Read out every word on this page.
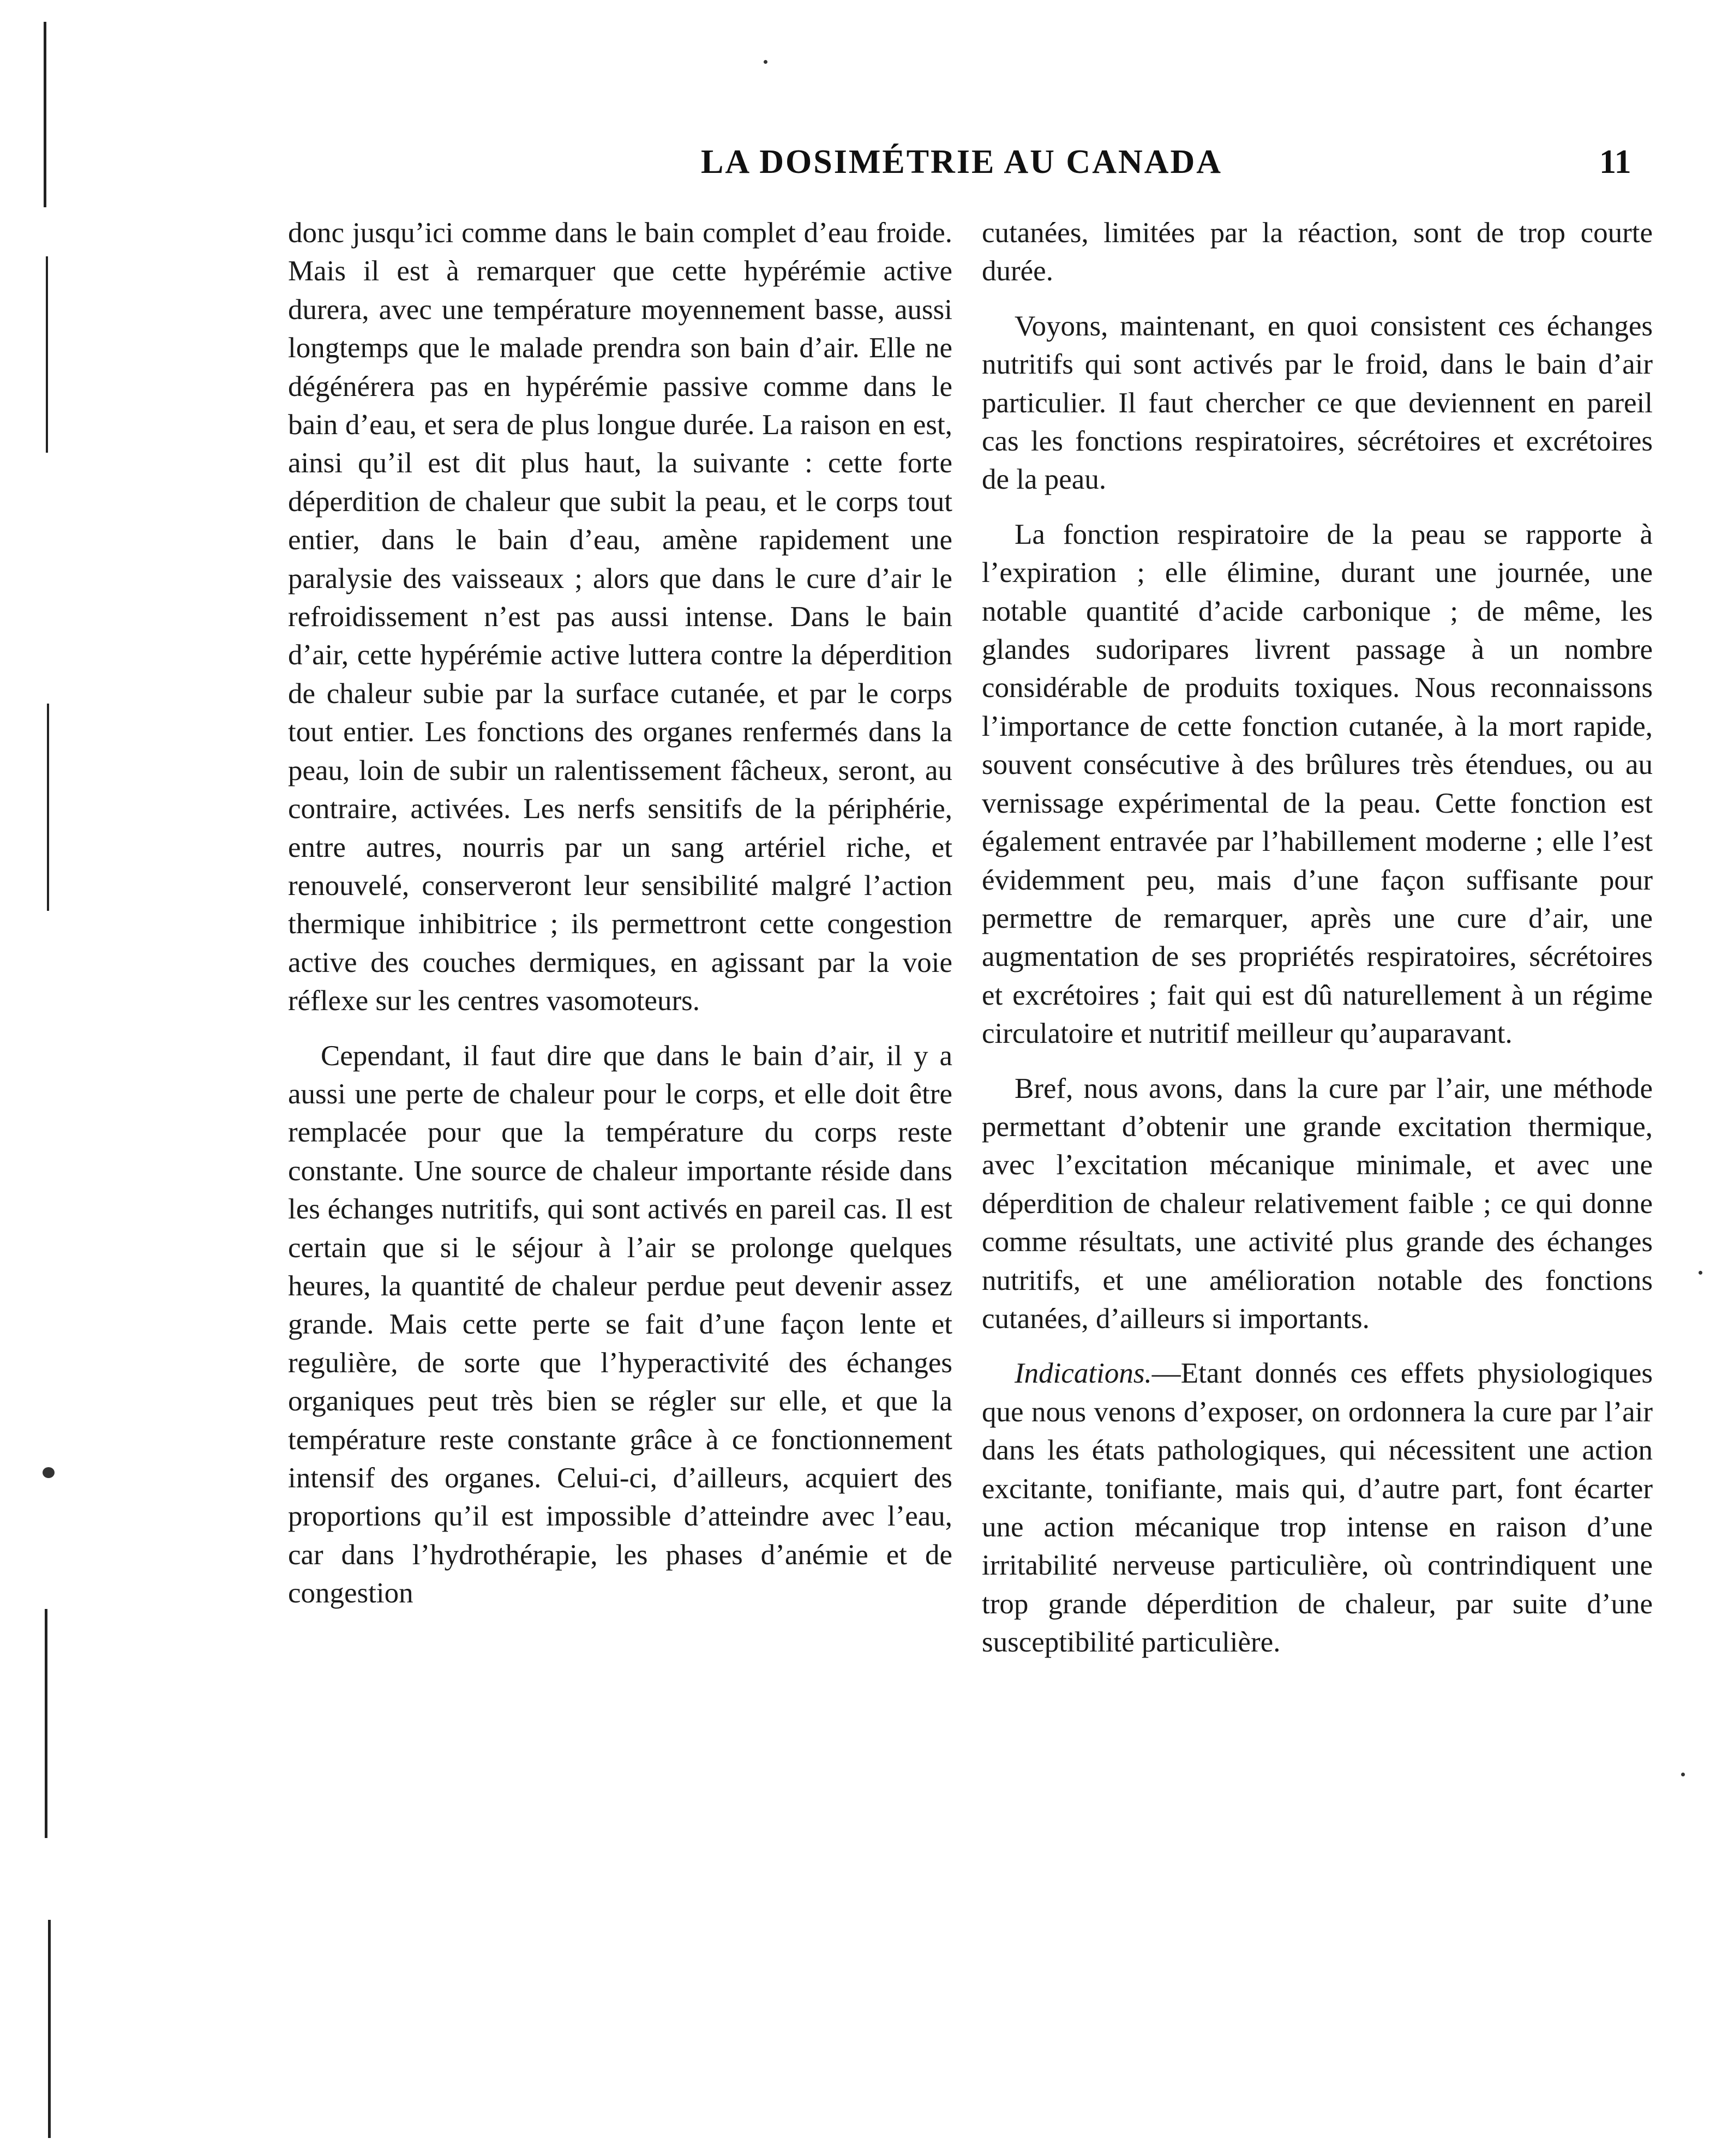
LA DOSIMÉTRIE AU CANADA	11

donc jusqu’ici comme dans le bain complet d’eau froide. Mais il est à remarquer que cette hypérémie active durera, avec une température moyennement basse, aussi longtemps que le malade prendra son bain d’air. Elle ne dégénérera pas en hypérémie passive comme dans le bain d’eau, et sera de plus longue durée. La raison en est, ainsi qu’il est dit plus haut, la suivante : cette forte déperdition de chaleur que subit la peau, et le corps tout entier, dans le bain d’eau, amène rapidement une paralysie des vaisseaux ; alors que dans le cure d’air le refroidissement n’est pas aussi intense. Dans le bain d’air, cette hypérémie active luttera contre la déperdition de chaleur subie par la surface cutanée, et par le corps tout entier. Les fonctions des organes renfermés dans la peau, loin de subir un ralentissement fâcheux, seront, au contraire, activées. Les nerfs sensitifs de la périphérie, entre autres, nourris par un sang artériel riche, et renouvelé, conserveront leur sensibilité malgré l’action thermique inhibitrice ; ils permettront cette congestion active des couches dermiques, en agissant par la voie réflexe sur les centres vasomoteurs.

Cependant, il faut dire que dans le bain d’air, il y a aussi une perte de chaleur pour le corps, et elle doit être remplacée pour que la température du corps reste constante. Une source de chaleur importante réside dans les échanges nutritifs, qui sont activés en pareil cas. Il est certain que si le séjour à l’air se prolonge quelques heures, la quantité de chaleur perdue peut devenir assez grande. Mais cette perte se fait d’une façon lente et regulière, de sorte que l’hyperactivité des échanges organiques peut très bien se régler sur elle, et que la température reste constante grâce à ce fonctionnement intensif des organes. Celui-ci, d’ailleurs, acquiert des proportions qu’il est impossible d’atteindre avec l’eau, car dans l’hydrothérapie, les phases d’anémie et de congestion

cutanées, limitées par la réaction, sont de trop courte durée.

Voyons, maintenant, en quoi consistent ces échanges nutritifs qui sont activés par le froid, dans le bain d’air particulier. Il faut chercher ce que deviennent en pareil cas les fonctions respiratoires, sécrétoires et excrétoires de la peau.

La fonction respiratoire de la peau se rapporte à l’expiration ; elle élimine, durant une journée, une notable quantité d’acide carbonique ; de même, les glandes sudoripares livrent passage à un nombre considérable de produits toxiques. Nous reconnaissons l’importance de cette fonction cutanée, à la mort rapide, souvent consécutive à des brûlures très étendues, ou au vernissage expérimental de la peau. Cette fonction est également entravée par l’habillement moderne ; elle l’est évidemment peu, mais d’une façon suffisante pour permettre de remarquer, après une cure d’air, une augmentation de ses propriétés respiratoires, sécrétoires et excrétoires ; fait qui est dû naturellement à un régime circulatoire et nutritif meilleur qu’auparavant.

Bref, nous avons, dans la cure par l’air, une méthode permettant d’obtenir une grande excitation thermique, avec l’excitation mécanique minimale, et avec une déperdition de chaleur relativement faible ; ce qui donne comme résultats, une activité plus grande des échanges nutritifs, et une amélioration notable des fonctions cutanées, d’ailleurs si importants.

Indications.—Etant donnés ces effets physiologiques que nous venons d’exposer, on ordonnera la cure par l’air dans les états pathologiques, qui nécessitent une action excitante, tonifiante, mais qui, d’autre part, font écarter une action mécanique trop intense en raison d’une irritabilité nerveuse particulière, où contrindiquent une trop grande déperdition de chaleur, par suite d’une susceptibilité particulière.
